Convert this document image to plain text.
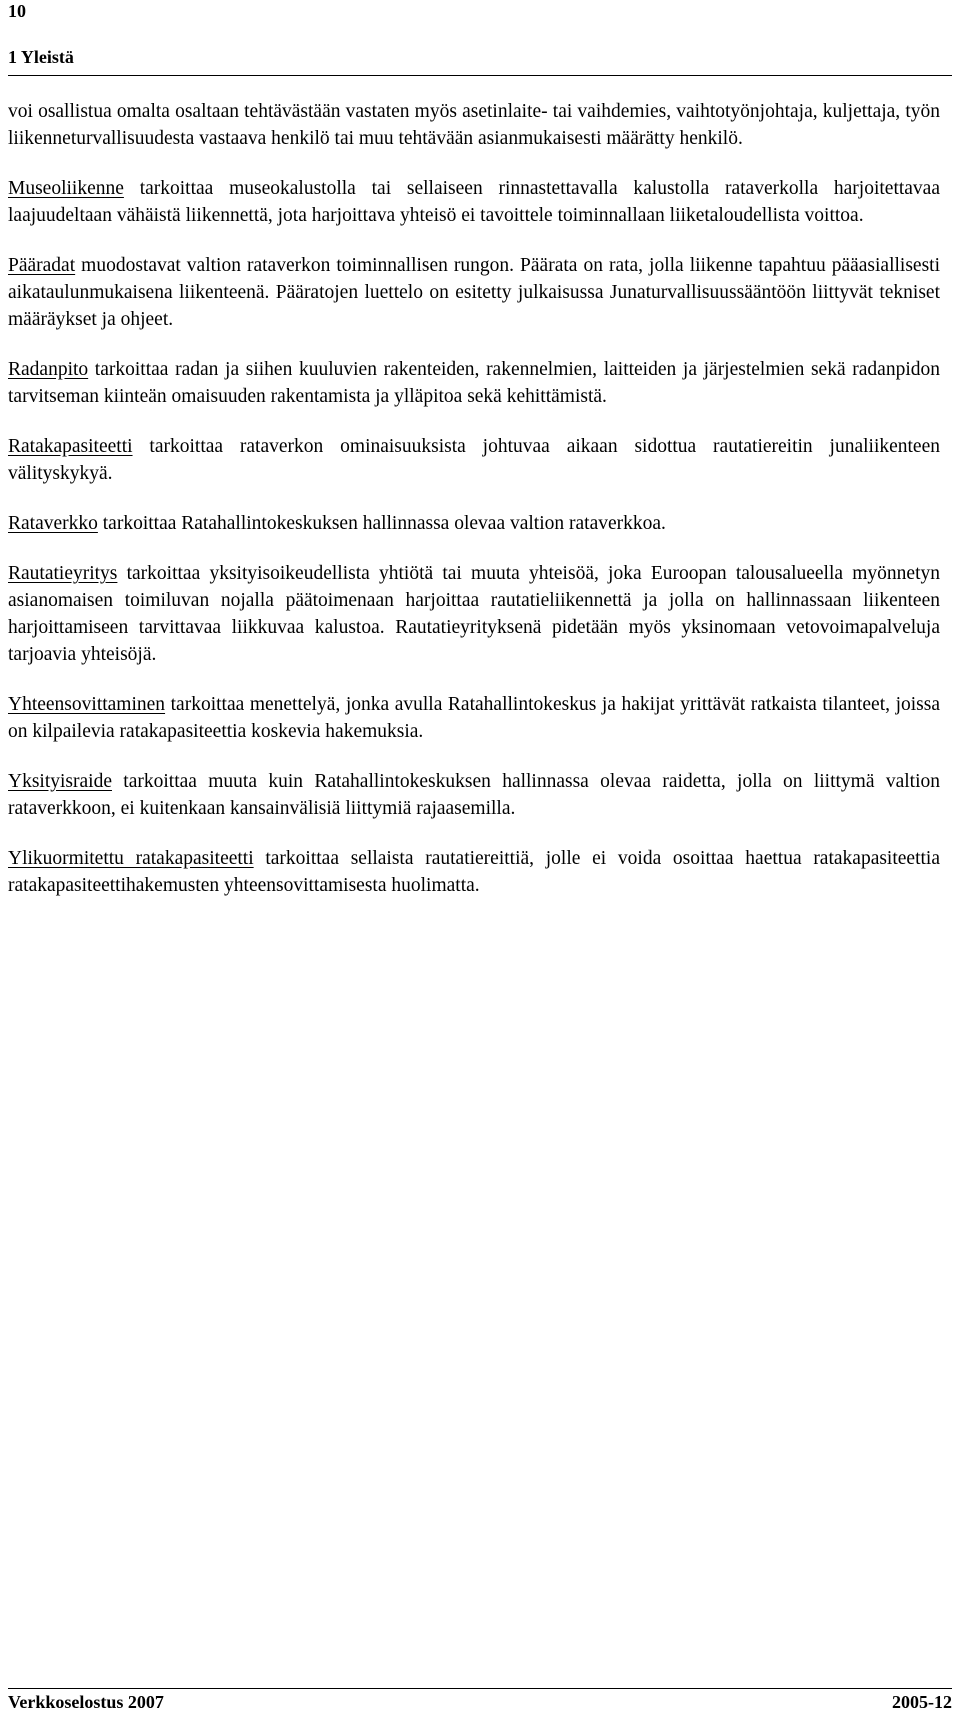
10
1 Yleistä

voi osallistua omalta osaltaan tehtävästään vastaten myös asetinlaite- tai vaihdemies, vaihtotyönjohtaja, kuljettaja, työn liikenneturvallisuudesta vastaava henkilö tai muu tehtävään asianmukaisesti määrätty henkilö.

Museoliikenne tarkoittaa museokalustolla tai sellaiseen rinnastettavalla kalustolla rataverkolla harjoitettavaa laajuudeltaan vähäistä liikennettä, jota harjoittava yhteisö ei tavoittele toiminnallaan liiketaloudellista voittoa.

Pääradat muodostavat valtion rataverkon toiminnallisen rungon. Päärata on rata, jolla liikenne tapahtuu pääasiallisesti aikataulunmukaisena liikenteenä. Pääratojen luettelo on esitetty julkaisussa Junaturvallisuussääntöön liittyvät tekniset määräykset ja ohjeet.

Radanpito tarkoittaa radan ja siihen kuuluvien rakenteiden, rakennelmien, laitteiden ja järjestelmien sekä radanpidon tarvitseman kiinteän omaisuuden rakentamista ja ylläpitoa sekä kehittämistä.

Ratakapasiteetti tarkoittaa rataverkon ominaisuuksista johtuvaa aikaan sidottua rautatiereitin junaliikenteen välityskykyä.

Rataverkko tarkoittaa Ratahallintokeskuksen hallinnassa olevaa valtion rataverkkoa.

Rautatieyritys tarkoittaa yksityisoikeudellista yhtiötä tai muuta yhteisöä, joka Euroopan talousalueella myönnetyn asianomaisen toimiluvan nojalla päätoimenaan harjoittaa rautatieliikennettä ja jolla on hallinnassaan liikenteen harjoittamiseen tarvittavaa liikkuvaa kalustoa. Rautatieyrityksenä pidetään myös yksinomaan vetovoimapalveluja tarjoavia yhteisöjä.

Yhteensovittaminen tarkoittaa menettelyä, jonka avulla Ratahallintokeskus ja hakijat yrittävät ratkaista tilanteet, joissa on kilpailevia ratakapasiteettia koskevia hakemuksia.

Yksityisraide tarkoittaa muuta kuin Ratahallintokeskuksen hallinnassa olevaa raidetta, jolla on liittymä valtion rataverkkoon, ei kuitenkaan kansainvälisiä liittymiä rajaasemilla.

Ylikuormitettu ratakapasiteetti tarkoittaa sellaista rautatiereittiä, jolle ei voida osoittaa haettua ratakapasiteettia ratakapasiteettihakemusten yhteensovittamisesta huolimatta.

Verkkoselostus 2007	2005-12
